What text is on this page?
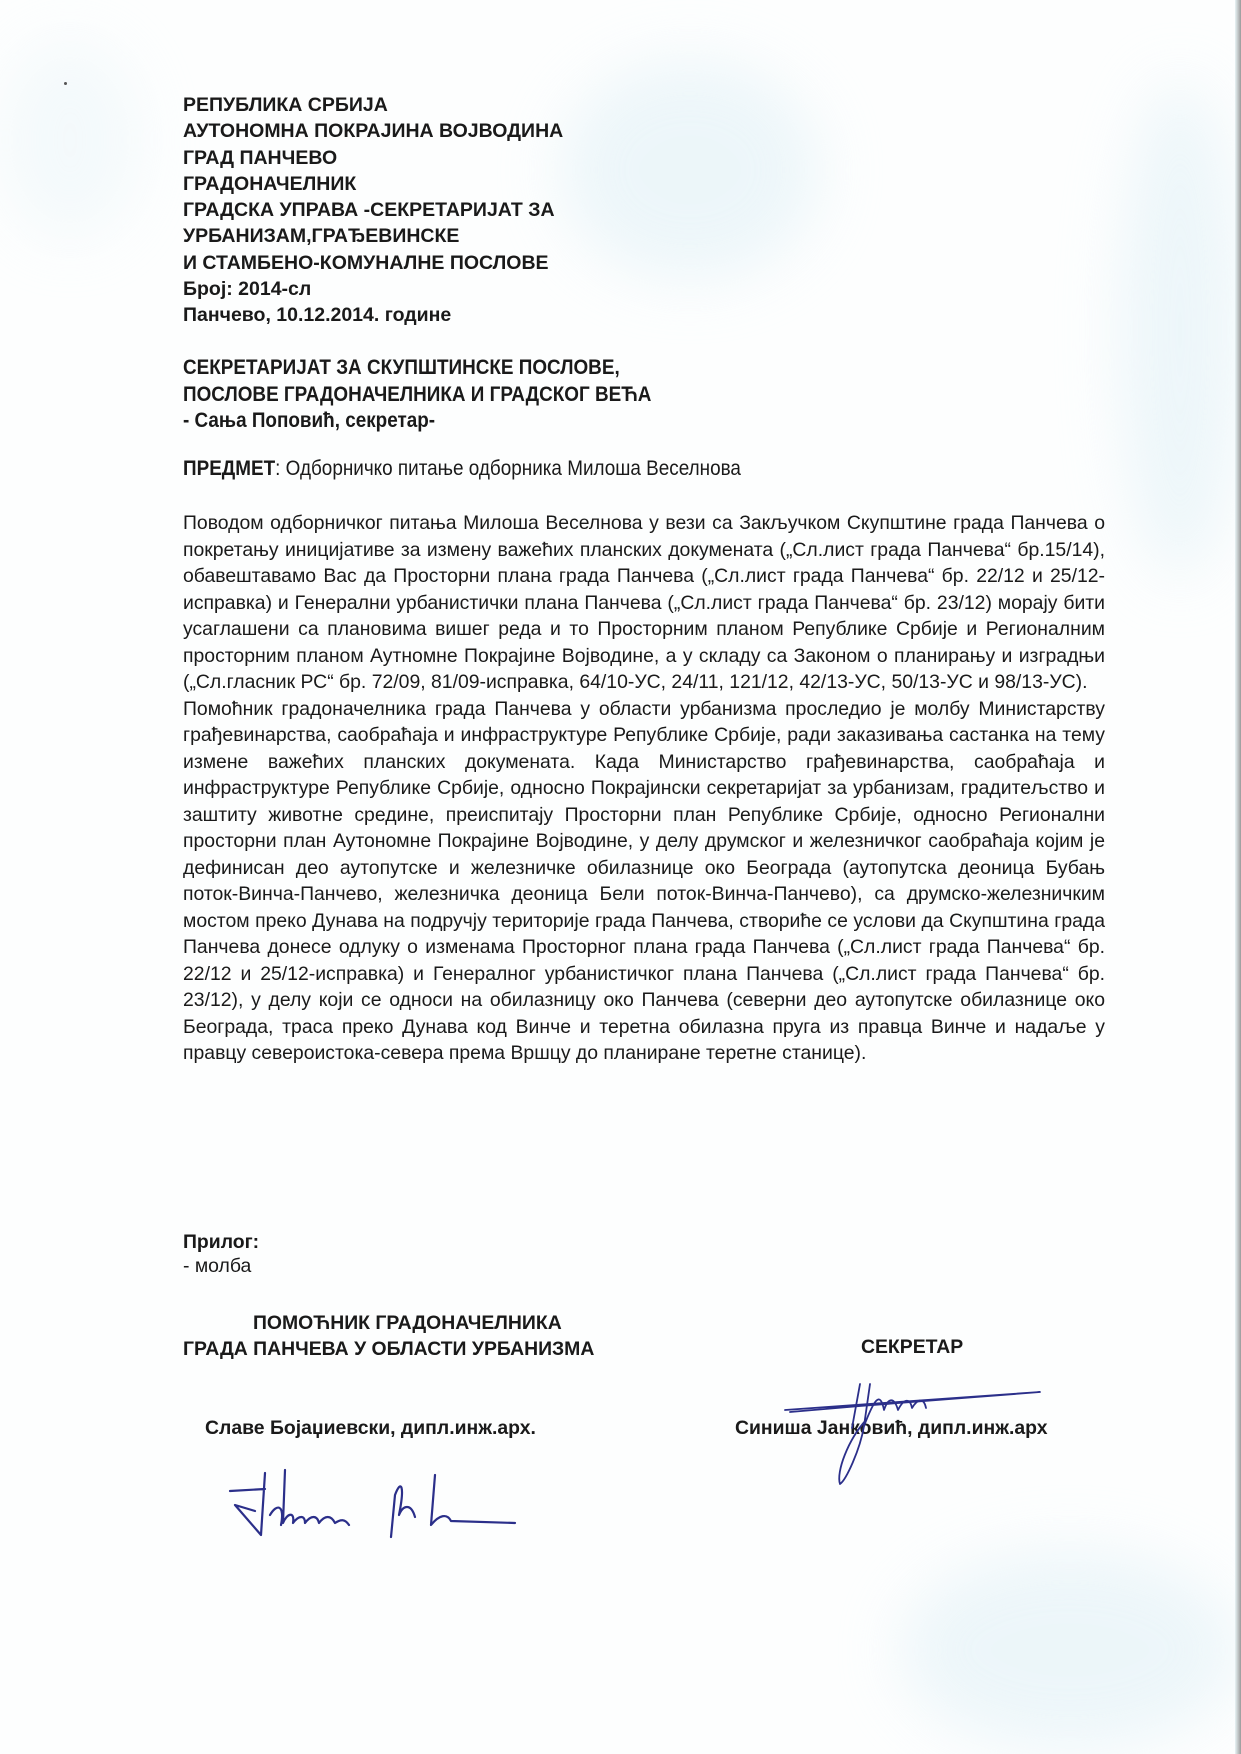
РЕПУБЛИКА СРБИЈА
АУТОНОМНА ПОКРАЈИНА ВОЈВОДИНА
ГРАД ПАНЧЕВО
ГРАДОНАЧЕЛНИК
ГРАДСКА УПРАВА -СЕКРЕТАРИЈАТ ЗА
УРБАНИЗАМ,ГРАЂЕВИНСКЕ
И СТАМБЕНО-КОМУНАЛНЕ ПОСЛОВЕ
Број: 2014-сл
Панчево, 10.12.2014. године
СЕКРЕТАРИЈАТ ЗА СКУПШТИНСКЕ ПОСЛОВЕ,
ПОСЛОВЕ ГРАДОНАЧЕЛНИКА И ГРАДСКОГ ВЕЋА
- Сања Поповић, секретар-
ПРЕДМЕТ: Одборничко питање одборника Милоша Веселнова

Поводом одборничког питања Милоша Веселнова у вези са Закључком Скупштине града Панчева о покретању иницијативе за измену важећих планских докумената („Сл.лист града Панчева“ бр.15/14), обавештавамо Вас да Просторни плана града Панчева („Сл.лист града Панчева“ бр. 22/12 и 25/12-исправка) и Генерални урбанистички плана Панчева („Сл.лист града Панчева“ бр. 23/12) морају бити усаглашени са плановима вишег реда и то Просторним планом Републике Србије и Регионалним просторним планом Аутномне Покрајине Војводине, а у складу са Законом о планирању и изградњи („Сл.гласник РС“ бр. 72/09, 81/09-исправка, 64/10-УС, 24/11, 121/12, 42/13-УС, 50/13-УС и 98/13-УС).

Помоћник градоначелника града Панчева у области урбанизма проследио је молбу Министарству грађевинарства, саобраћаја и инфраструктуре Републике Србије, ради заказивања састанка на тему измене важећих планских докумената. Када Министарство грађевинарства, саобраћаја и инфраструктуре Републике Србије, односно Покрајински секретаријат за урбанизам, градитељство и заштиту животне средине, преиспитају Просторни план Републике Србије, односно Регионални просторни план Аутономне Покрајине Војводине, у делу друмског и железничког саобраћаја којим је дефинисан део аутопутске и железничке обилазнице око Београда (аутопутска деоница Бубањ поток-Винча-Панчево, железничка деоница Бели поток-Винча-Панчево), са друмско-железничким мостом преко Дунава на подручју територије града Панчева, створиће се услови да Скупштина града Панчева донесе одлуку о изменама Просторног плана града Панчева („Сл.лист града Панчева“ бр. 22/12 и 25/12-исправка) и Генералног урбанистичког плана Панчева („Сл.лист града Панчева“ бр. 23/12), у делу који се односи на обилазницу око Панчева (северни део аутопутске обилазнице око Београда, траса преко Дунава код Винче и теретна обилазна пруга из правца Винче и надаље у правцу североистока-севера према Вршцу до планиране теретне станице).

Прилог:
- молба
ПОМОЋНИК ГРАДОНАЧЕЛНИКА
ГРАДА ПАНЧЕВА У ОБЛАСТИ УРБАНИЗМА
Славе Бојаџиевски, дипл.инж.арх.
СЕКРЕТАР
Синиша Јанковић, дипл.инж.арх
